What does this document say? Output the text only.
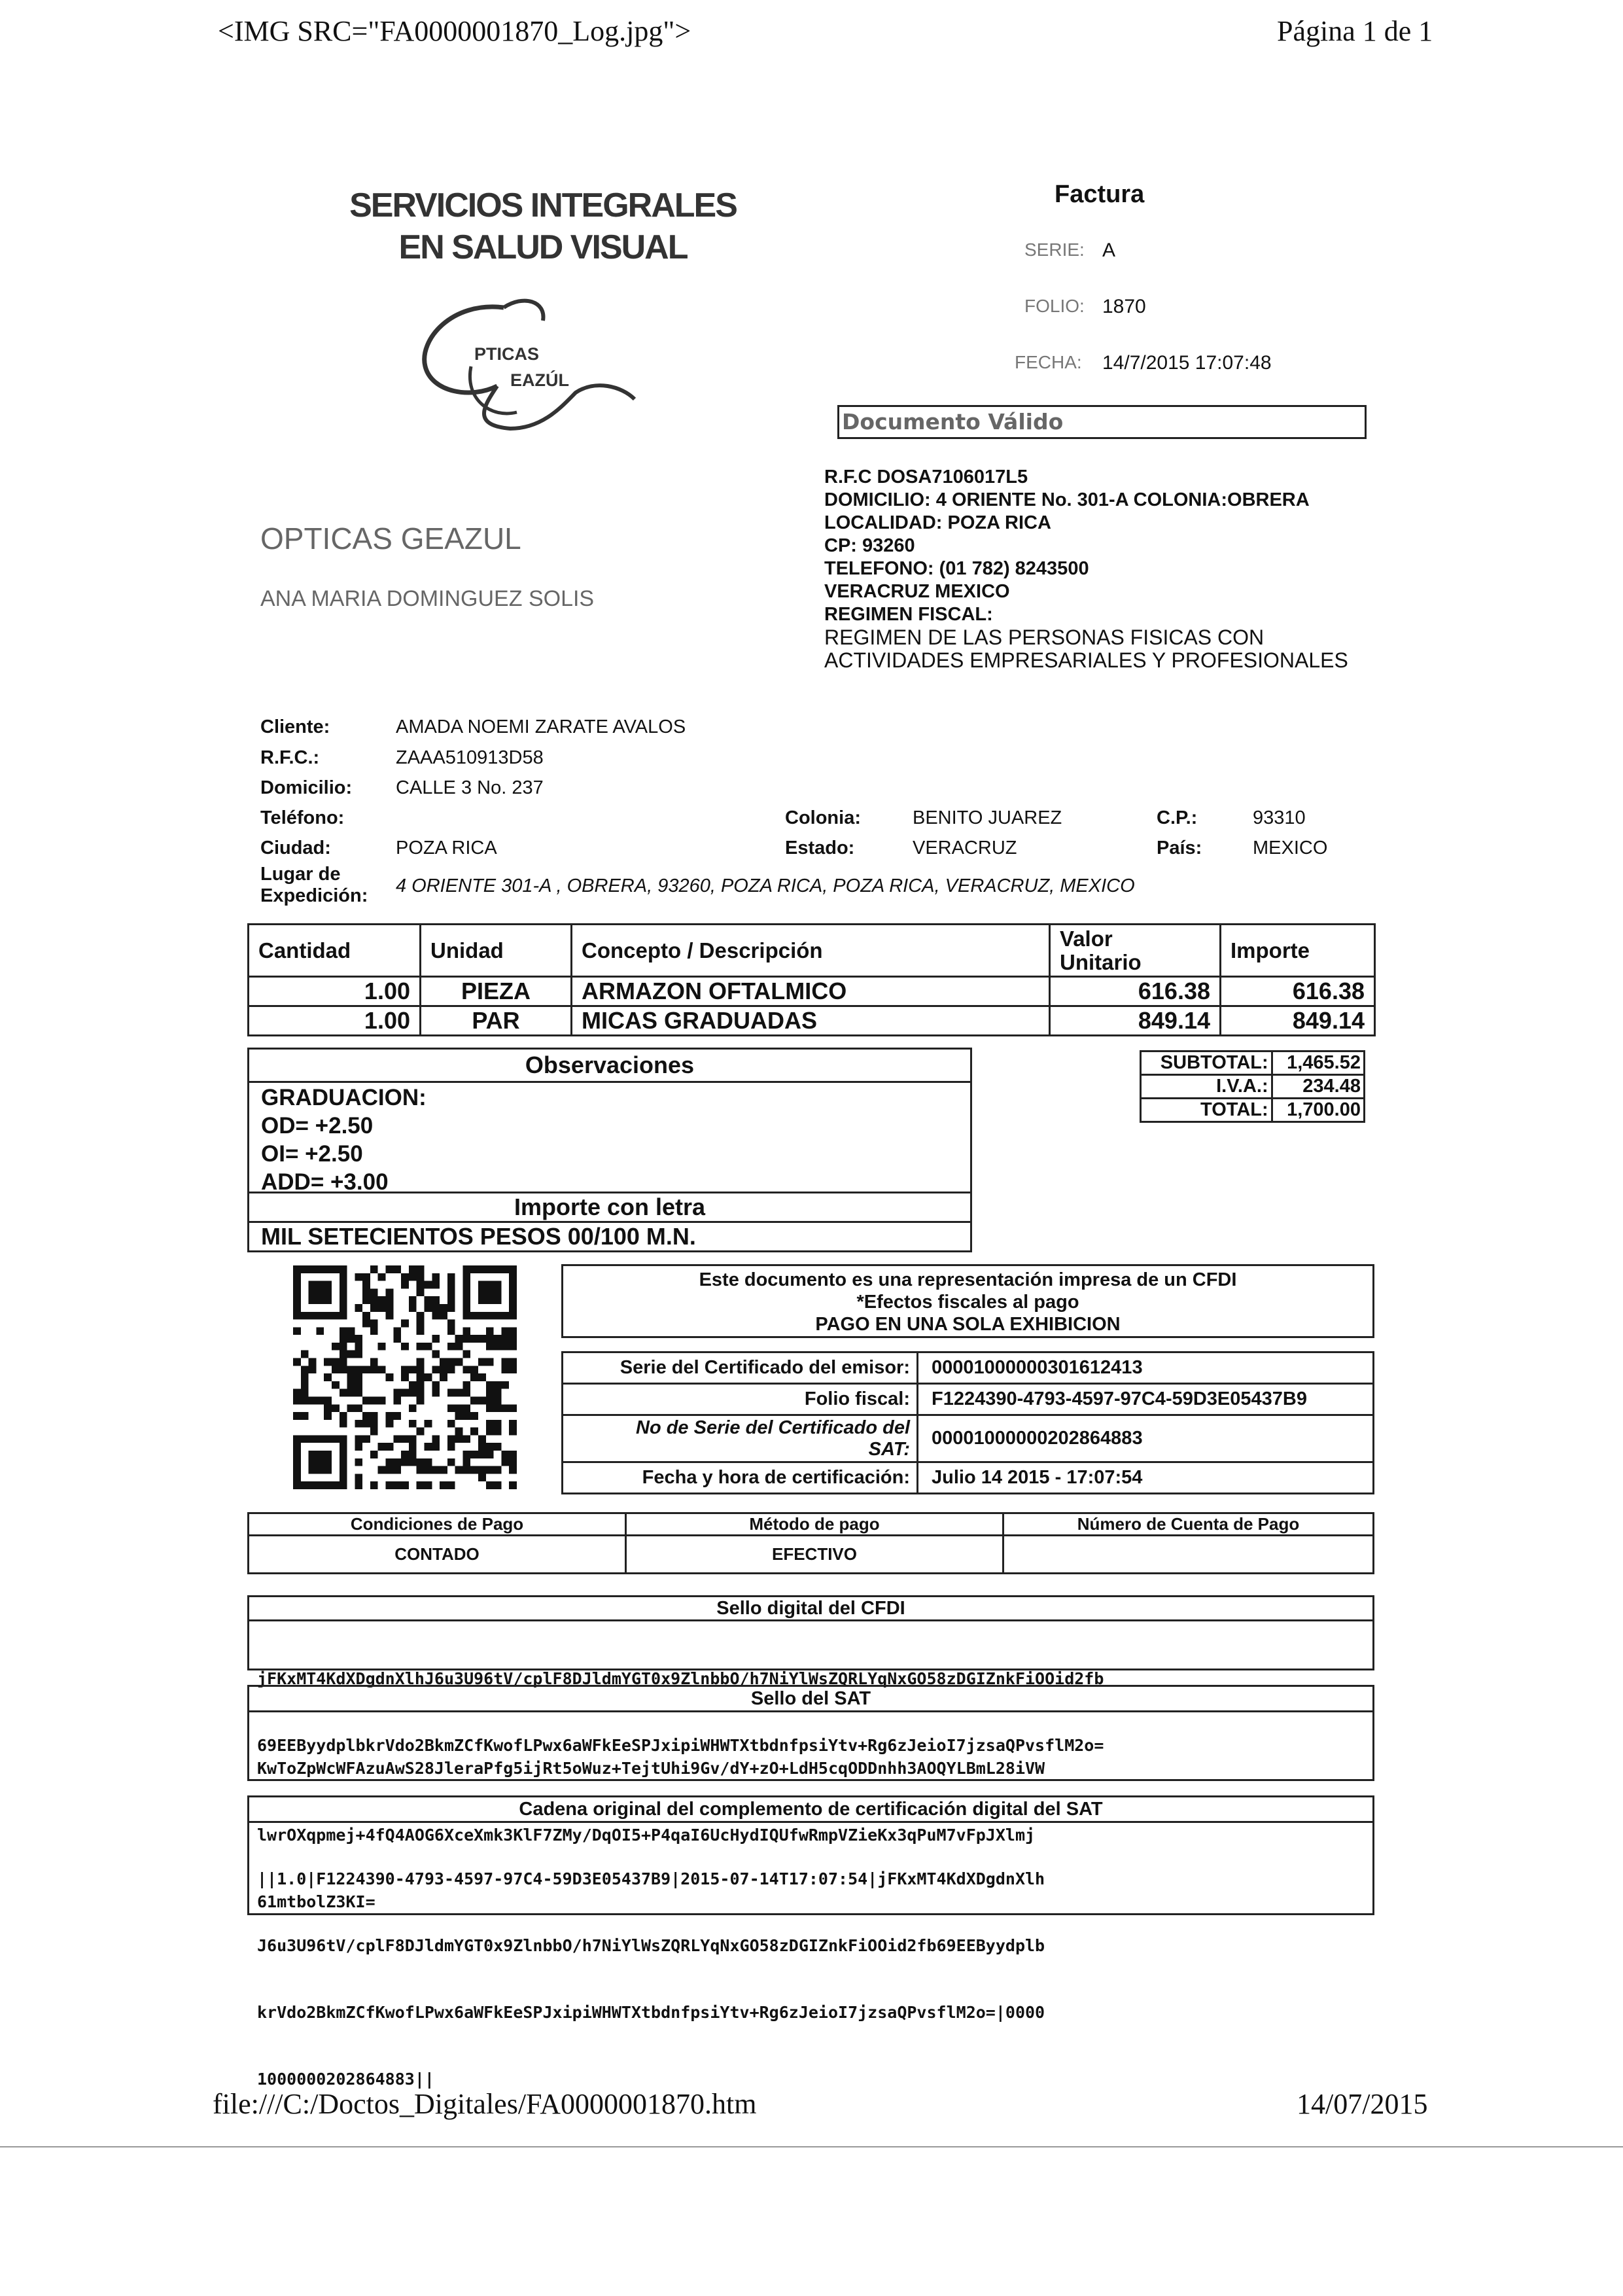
<IMG SRC="FA0000001870_Log.jpg">	Página 1 de 1
file:///C:/Doctos_Digitales/FA0000001870.htm	14/07/2015
SERVICIOS INTEGRALES
EN SALUD VISUAL
PTICAS
EAZÚL
OPTICAS GEAZUL
ANA MARIA DOMINGUEZ SOLIS
Factura
SERIE: A
FOLIO: 1870
FECHA: 14/7/2015 17:07:48
Documento Válido
R.F.C DOSA7106017L5
DOMICILIO: 4 ORIENTE No. 301-A COLONIA:OBRERA
LOCALIDAD: POZA RICA
CP: 93260
TELEFONO: (01 782) 8243500
VERACRUZ MEXICO
REGIMEN FISCAL:
REGIMEN DE LAS PERSONAS FISICAS CON
ACTIVIDADES EMPRESARIALES Y PROFESIONALES
Cliente:	AMADA NOEMI ZARATE AVALOS
R.F.C.:	ZAAA510913D58
Domicilio: CALLE 3 No. 237
Teléfono:	Colonia:	BENITO JUAREZ	C.P.:	93310
Ciudad:	POZA RICA	Estado:	VERACRUZ	País:	MEXICO
Lugar de
Expedición: 4 ORIENTE 301-A , OBRERA, 93260, POZA RICA, POZA RICA, VERACRUZ, MEXICO
Cantidad	Unidad	Concepto / Descripción	Valor
Unitario	Importe
1.00	PIEZA	ARMAZON OFTALMICO	616.38	616.38
1.00	PAR	MICAS GRADUADAS	849.14	849.14
Observaciones
GRADUACION:
OD= +2.50
OI= +2.50
ADD= +3.00
Importe con letra
MIL SETECIENTOS PESOS 00/100 M.N.
SUBTOTAL:	1,465.52
I.V.A.:	234.48
TOTAL:	1,700.00
Este documento es una representación impresa de un CFDI
*Efectos fiscales al pago
PAGO EN UNA SOLA EXHIBICION
Serie del Certificado del emisor:	00001000000301612413
Folio fiscal:	F1224390-4793-4597-97C4-59D3E05437B9

No de Serie del Certificado del
SAT:	00001000000202864883
Fecha y hora de certificación:	Julio 14 2015 - 17:07:54
Condiciones de Pago	Método de pago	Número de Cuenta de Pago
CONTADO	EFECTIVO	
Sello digital del CFDI

jFKxMT4KdXDgdnXlhJ6u3U96tV/cplF8DJldmYGT0x9ZlnbbO/h7NiYlWsZQRLYqNxGO58zDGIZnkFiOOid2fb

69EEByydplbkrVdo2BkmZCfKwofLPwx6aWFkEeSPJxipiWHWTXtbdnfpsiYtv+Rg6zJeioI7jzsaQPvsflM2o=

Sello del SAT

KwToZpWcWFAzuAwS28JleraPfg5ijRt5oWuz+TejtUhi9Gv/dY+zO+LdH5cqODDnhh3AOQYLBmL28iVW

lwrOXqpmej+4fQ4AOG6XceXmk3KlF7ZMy/DqOI5+P4qaI6UcHydIQUfwRmpVZieKx3qPuM7vFpJXlmj

61mtbolZ3KI=

Cadena original del complemento de certificación digital del SAT

||1.0|F1224390-4793-4597-97C4-59D3E05437B9|2015-07-14T17:07:54|jFKxMT4KdXDgdnXlh

J6u3U96tV/cplF8DJldmYGT0x9ZlnbbO/h7NiYlWsZQRLYqNxGO58zDGIZnkFiOOid2fb69EEByydplb

krVdo2BkmZCfKwofLPwx6aWFkEeSPJxipiWHWTXtbdnfpsiYtv+Rg6zJeioI7jzsaQPvsflM2o=|0000

1000000202864883||
